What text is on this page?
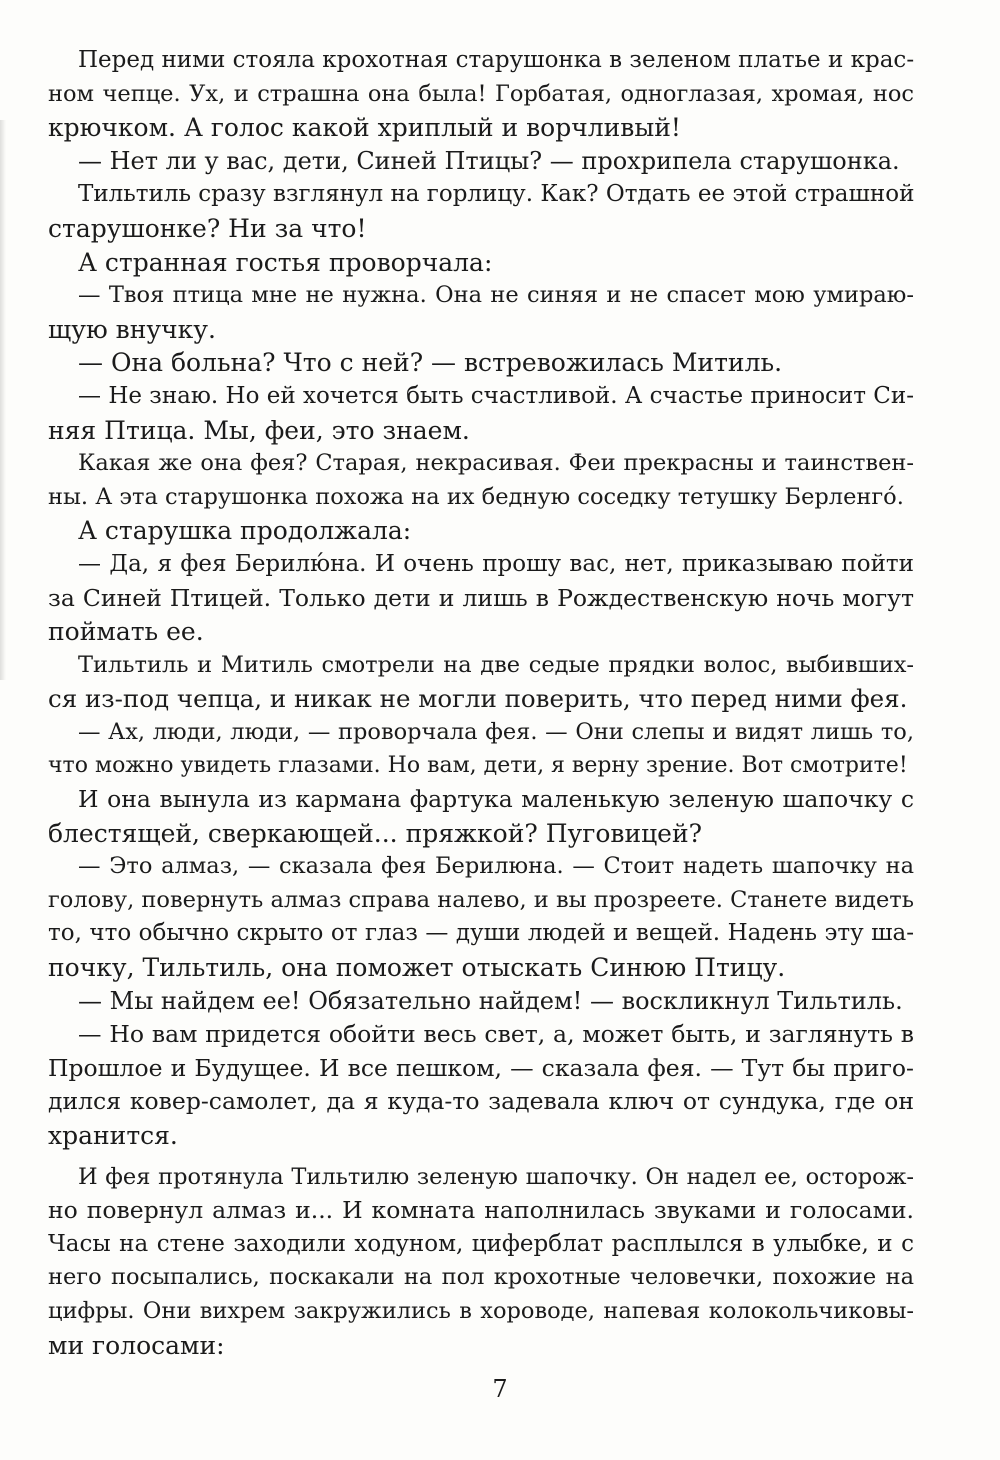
Перед ними стояла крохотная старушонка в зеленом платье и крас-
ном чепце. Ух, и страшна она была! Горбатая, одноглазая, хромая, нос
крючком. А голос какой хриплый и ворчливый!
— Нет ли у вас, дети, Синей Птицы? — прохрипела старушонка.
Тильтиль сразу взглянул на горлицу. Как? Отдать ее этой страшной
старушонке? Ни за что!
А странная гостья проворчала:
— Твоя птица мне не нужна. Она не синяя и не спасет мою умираю-
щую внучку.
— Она больна? Что с ней? — встревожилась Митиль.
— Не знаю. Но ей хочется быть счастливой. А счастье приносит Си-
няя Птица. Мы, феи, это знаем.
Какая же она фея? Старая, некрасивая. Феи прекрасны и таинствен-
ны. А эта старушонка похожа на их бедную соседку тетушку Берленго́.
А старушка продолжала:
— Да, я фея Берилю́на. И очень прошу вас, нет, приказываю пойти
за Синей Птицей. Только дети и лишь в Рождественскую ночь могут
поймать ее.
Тильтиль и Митиль смотрели на две седые прядки волос, выбивших-
ся из-под чепца, и никак не могли поверить, что перед ними фея.
— Ах, люди, люди, — проворчала фея. — Они слепы и видят лишь то,
что можно увидеть глазами. Но вам, дети, я верну зрение. Вот смотрите!
И она вынула из кармана фартука маленькую зеленую шапочку с
блестящей, сверкающей... пряжкой? Пуговицей?
— Это алмаз, — сказала фея Берилюна. — Стоит надеть шапочку на
голову, повернуть алмаз справа налево, и вы прозреете. Станете видеть
то, что обычно скрыто от глаз — души людей и вещей. Надень эту ша-
почку, Тильтиль, она поможет отыскать Синюю Птицу.
— Мы найдем ее! Обязательно найдем! — воскликнул Тильтиль.
— Но вам придется обойти весь свет, а, может быть, и заглянуть в
Прошлое и Будущее. И все пешком, — сказала фея. — Тут бы приго-
дился ковер-самолет, да я куда-то задевала ключ от сундука, где он
хранится.
И фея протянула Тильтилю зеленую шапочку. Он надел ее, осторож-
но повернул алмаз и... И комната наполнилась звуками и голосами.
Часы на стене заходили ходуном, циферблат расплылся в улыбке, и с
него посыпались, поскакали на пол крохотные человечки, похожие на
цифры. Они вихрем закружились в хороводе, напевая колокольчиковы-
ми голосами:
7
